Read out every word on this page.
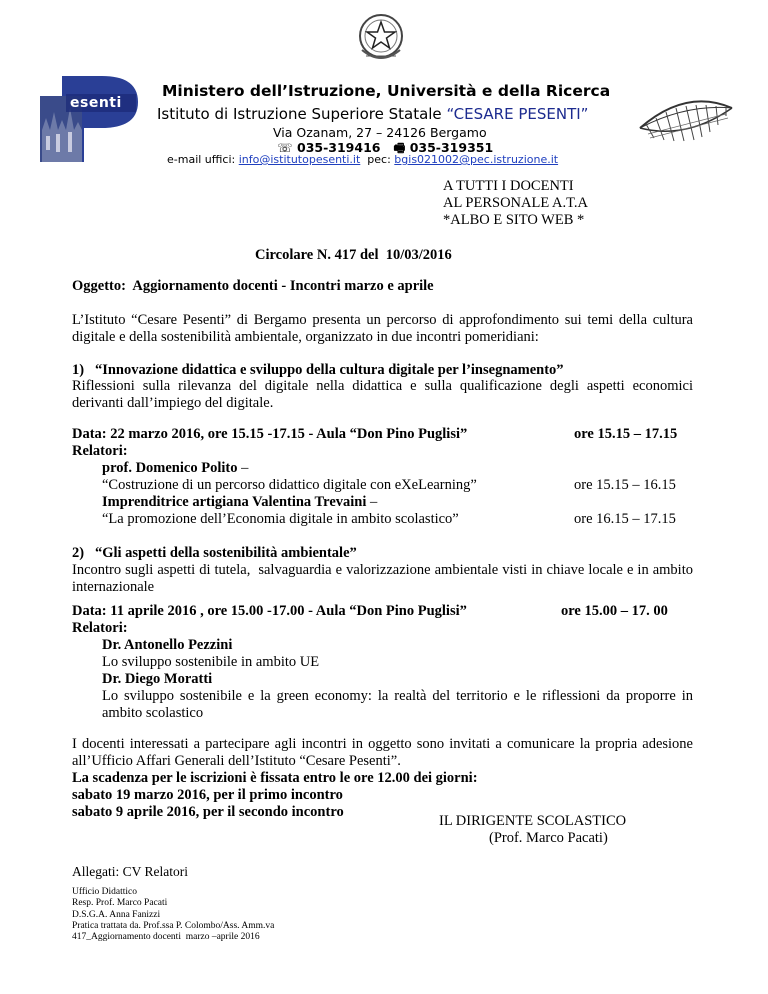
esenti
Ministero dell’Istruzione, Università e della Ricerca
Istituto di Istruzione Superiore Statale “CESARE PESENTI”
Via Ozanam, 27 – 24126 Bergamo
☏ 035-319416 🖷 035-319351
e-mail uffici: info@istitutopesenti.it  pec: bgis021002@pec.istruzione.it
A TUTTI I DOCENTI
AL PERSONALE A.T.A
*ALBO E SITO WEB *
Circolare N. 417 del  10/03/2016
Oggetto:  Aggiornamento docenti - Incontri marzo e aprile
L’Istituto “Cesare Pesenti” di Bergamo presenta un percorso di approfondimento sui temi della cultura digitale e della sostenibilità ambientale, organizzato in due incontri pomeridiani:
1)   “Innovazione didattica e sviluppo della cultura digitale per l’insegnamento”
Riflessioni sulla rilevanza del digitale nella didattica e sulla qualificazione degli aspetti economici derivanti dall’impiego del digitale.
Data: 22 marzo 2016, ore 15.15 -17.15 - Aula “Don Pino Puglisi”	ore 15.15 – 17.15
Relatori:
prof. Domenico Polito –
“Costruzione di un percorso didattico digitale con eXeLearning”	ore 15.15 – 16.15
Imprenditrice artigiana Valentina Trevaini –
“La promozione dell’Economia digitale in ambito scolastico”	ore 16.15 – 17.15
2)   “Gli aspetti della sostenibilità ambientale”
Incontro sugli aspetti di tutela,  salvaguardia e valorizzazione ambientale visti in chiave locale e in ambito internazionale
Data: 11 aprile 2016 , ore 15.00 -17.00 - Aula “Don Pino Puglisi”	ore 15.00 – 17. 00
Relatori:
Dr. Antonello Pezzini
Lo sviluppo sostenibile in ambito UE
Dr. Diego Moratti
Lo sviluppo sostenibile e la green economy: la realtà del territorio e le riflessioni da proporre in ambito scolastico
I docenti interessati a partecipare agli incontri in oggetto sono invitati a comunicare la propria adesione all’Ufficio Affari Generali dell’Istituto “Cesare Pesenti”.
La scadenza per le iscrizioni è fissata entro le ore 12.00 dei giorni:
sabato 19 marzo 2016, per il primo incontro
sabato 9 aprile 2016, per il secondo incontro
IL DIRIGENTE SCOLASTICO
(Prof. Marco Pacati)
Allegati: CV Relatori
Ufficio Didattico
Resp. Prof. Marco Pacati
D.S.G.A. Anna Fanizzi
Pratica trattata da. Prof.ssa P. Colombo/Ass. Amm.va
417_Aggiornamento docenti  marzo –aprile 2016
